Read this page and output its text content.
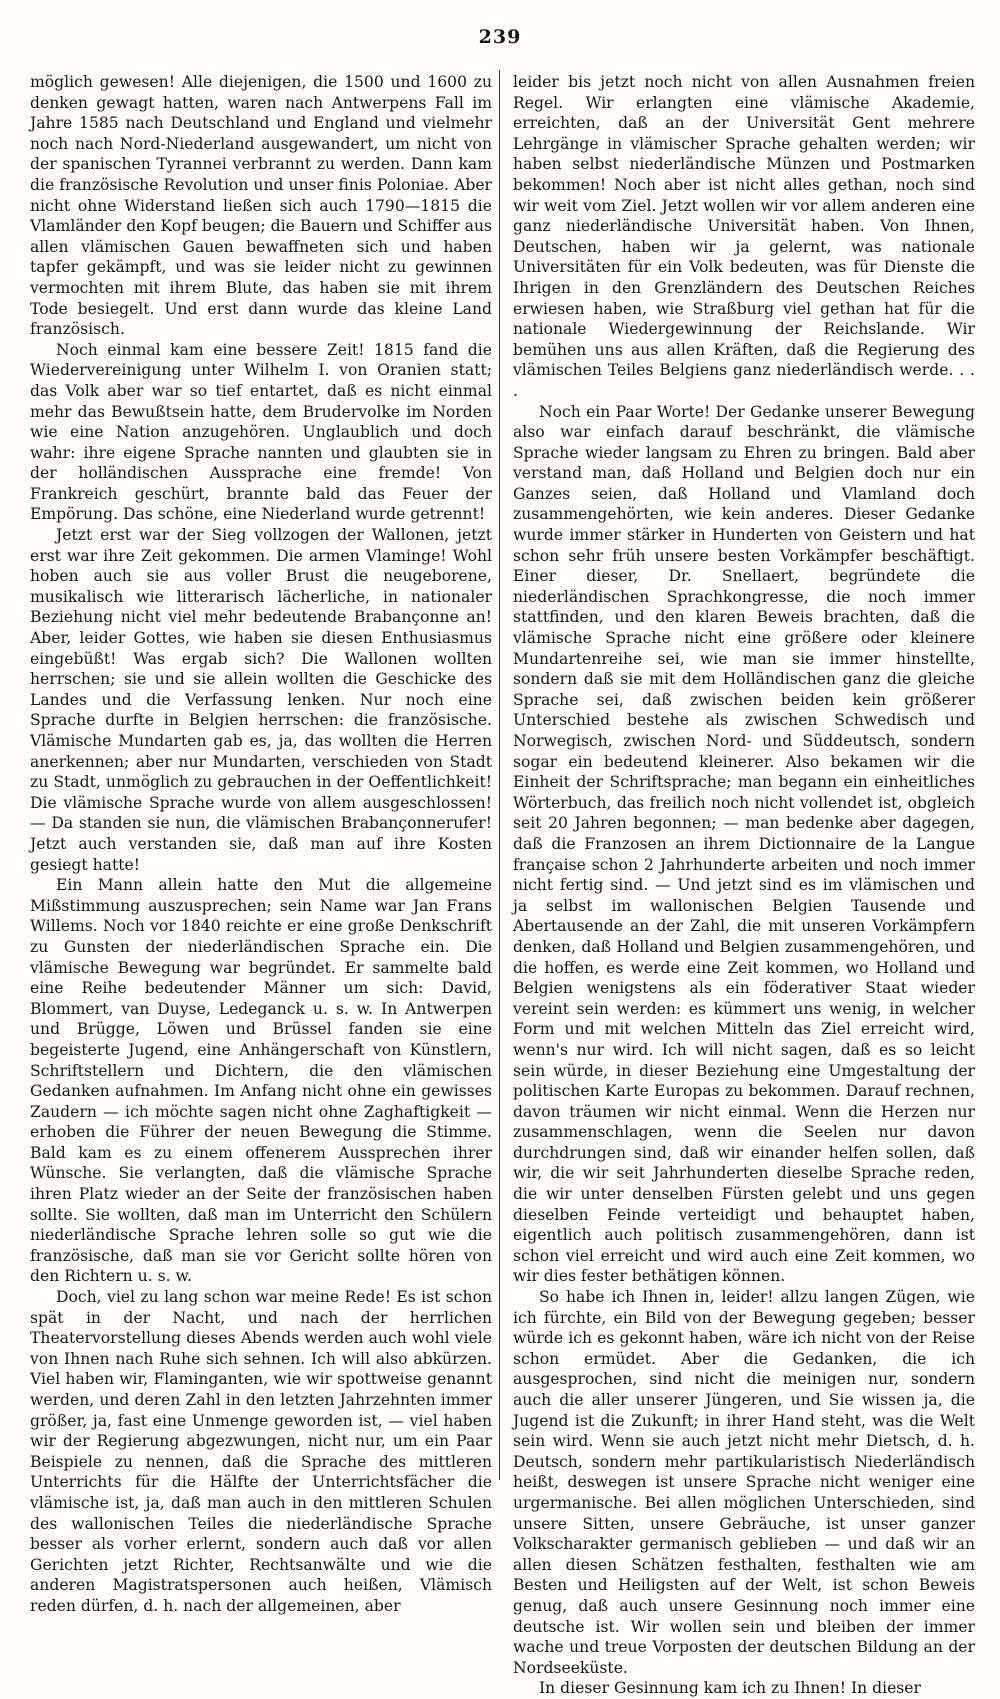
239

möglich gewesen! Alle diejenigen, die 1500 und 1600 zu denken gewagt hatten, waren nach Antwerpens Fall im Jahre 1585 nach Deutschland und England und vielmehr noch nach Nord-Niederland ausgewandert, um nicht von der spanischen Tyrannei verbrannt zu werden. Dann kam die französische Revolution und unser finis Poloniae. Aber nicht ohne Widerstand ließen sich auch 1790—1815 die Vlamländer den Kopf beugen; die Bauern und Schiffer aus allen vlämischen Gauen bewaffneten sich und haben tapfer gekämpft, und was sie leider nicht zu gewinnen vermochten mit ihrem Blute, das haben sie mit ihrem Tode besiegelt. Und erst dann wurde das kleine Land französisch.

Noch einmal kam eine bessere Zeit! 1815 fand die Wiedervereinigung unter Wilhelm I. von Oranien statt; das Volk aber war so tief entartet, daß es nicht einmal mehr das Bewußtsein hatte, dem Brudervolke im Norden wie eine Nation anzugehören. Unglaublich und doch wahr: ihre eigene Sprache nannten und glaubten sie in der holländischen Aussprache eine fremde! Von Frankreich geschürt, brannte bald das Feuer der Empörung. Das schöne, eine Niederland wurde getrennt!

Jetzt erst war der Sieg vollzogen der Wallonen, jetzt erst war ihre Zeit gekommen. Die armen Vlaminge! Wohl hoben auch sie aus voller Brust die neugeborene, musikalisch wie litterarisch lächerliche, in nationaler Beziehung nicht viel mehr bedeutende Brabançonne an! Aber, leider Gottes, wie haben sie diesen Enthusiasmus eingebüßt! Was ergab sich? Die Wallonen wollten herrschen; sie und sie allein wollten die Geschicke des Landes und die Verfassung lenken. Nur noch eine Sprache durfte in Belgien herrschen: die französische. Vlämische Mundarten gab es, ja, das wollten die Herren anerkennen; aber nur Mundarten, verschieden von Stadt zu Stadt, unmöglich zu gebrauchen in der Oeffentlichkeit! Die vlämische Sprache wurde von allem ausgeschlossen! — Da standen sie nun, die vlämischen Brabançonnerufer! Jetzt auch verstanden sie, daß man auf ihre Kosten gesiegt hatte!

Ein Mann allein hatte den Mut die allgemeine Mißstimmung auszusprechen; sein Name war Jan Frans Willems. Noch vor 1840 reichte er eine große Denkschrift zu Gunsten der niederländischen Sprache ein. Die vlämische Bewegung war begründet. Er sammelte bald eine Reihe bedeutender Männer um sich: David, Blommert, van Duyse, Ledeganck u. s. w. In Antwerpen und Brügge, Löwen und Brüssel fanden sie eine begeisterte Jugend, eine Anhängerschaft von Künstlern, Schriftstellern und Dichtern, die den vlämischen Gedanken aufnahmen. Im Anfang nicht ohne ein gewisses Zaudern — ich möchte sagen nicht ohne Zaghaftigkeit — erhoben die Führer der neuen Bewegung die Stimme. Bald kam es zu einem offenerem Aussprechen ihrer Wünsche. Sie verlangten, daß die vlämische Sprache ihren Platz wieder an der Seite der französischen haben sollte. Sie wollten, daß man im Unterricht den Schülern niederländische Sprache lehren solle so gut wie die französische, daß man sie vor Gericht sollte hören von den Richtern u. s. w.

Doch, viel zu lang schon war meine Rede! Es ist schon spät in der Nacht, und nach der herrlichen Theatervorstellung dieses Abends werden auch wohl viele von Ihnen nach Ruhe sich sehnen. Ich will also abkürzen. Viel haben wir, Flaminganten, wie wir spottweise genannt werden, und deren Zahl in den letzten Jahrzehnten immer größer, ja, fast eine Unmenge geworden ist, — viel haben wir der Regierung abgezwungen, nicht nur, um ein Paar Beispiele zu nennen, daß die Sprache des mittleren Unterrichts für die Hälfte der Unterrichtsfächer die vlämische ist, ja, daß man auch in den mittleren Schulen des wallonischen Teiles die niederländische Sprache besser als vorher erlernt, sondern auch daß vor allen Gerichten jetzt Richter, Rechtsanwälte und wie die anderen Magistratspersonen auch heißen, Vlämisch reden dürfen, d. h. nach der allgemeinen, aber

leider bis jetzt noch nicht von allen Ausnahmen freien Regel. Wir erlangten eine vlämische Akademie, erreichten, daß an der Universität Gent mehrere Lehrgänge in vlämischer Sprache gehalten werden; wir haben selbst niederländische Münzen und Postmarken bekommen! Noch aber ist nicht alles gethan, noch sind wir weit vom Ziel. Jetzt wollen wir vor allem anderen eine ganz niederländische Universität haben. Von Ihnen, Deutschen, haben wir ja gelernt, was nationale Universitäten für ein Volk bedeuten, was für Dienste die Ihrigen in den Grenzländern des Deutschen Reiches erwiesen haben, wie Straßburg viel gethan hat für die nationale Wiedergewinnung der Reichslande. Wir bemühen uns aus allen Kräften, daß die Regierung des vlämischen Teiles Belgiens ganz niederländisch werde. . . .

Noch ein Paar Worte! Der Gedanke unserer Bewegung also war einfach darauf beschränkt, die vlämische Sprache wieder langsam zu Ehren zu bringen. Bald aber verstand man, daß Holland und Belgien doch nur ein Ganzes seien, daß Holland und Vlamland doch zusammengehörten, wie kein anderes. Dieser Gedanke wurde immer stärker in Hunderten von Geistern und hat schon sehr früh unsere besten Vorkämpfer beschäftigt. Einer dieser, Dr. Snellaert, begründete die niederländischen Sprachkongresse, die noch immer stattfinden, und den klaren Beweis brachten, daß die vlämische Sprache nicht eine größere oder kleinere Mundartenreihe sei, wie man sie immer hinstellte, sondern daß sie mit dem Holländischen ganz die gleiche Sprache sei, daß zwischen beiden kein größerer Unterschied bestehe als zwischen Schwedisch und Norwegisch, zwischen Nord- und Süddeutsch, sondern sogar ein bedeutend kleinerer. Also bekamen wir die Einheit der Schriftsprache; man begann ein einheitliches Wörterbuch, das freilich noch nicht vollendet ist, obgleich seit 20 Jahren begonnen; — man bedenke aber dagegen, daß die Franzosen an ihrem Dictionnaire de la Langue française schon 2 Jahrhunderte arbeiten und noch immer nicht fertig sind. — Und jetzt sind es im vlämischen und ja selbst im wallonischen Belgien Tausende und Abertausende an der Zahl, die mit unseren Vorkämpfern denken, daß Holland und Belgien zusammengehören, und die hoffen, es werde eine Zeit kommen, wo Holland und Belgien wenigstens als ein föderativer Staat wieder vereint sein werden: es kümmert uns wenig, in welcher Form und mit welchen Mitteln das Ziel erreicht wird, wenn's nur wird. Ich will nicht sagen, daß es so leicht sein würde, in dieser Beziehung eine Umgestaltung der politischen Karte Europas zu bekommen. Darauf rechnen, davon träumen wir nicht einmal. Wenn die Herzen nur zusammenschlagen, wenn die Seelen nur davon durchdrungen sind, daß wir einander helfen sollen, daß wir, die wir seit Jahrhunderten dieselbe Sprache reden, die wir unter denselben Fürsten gelebt und uns gegen dieselben Feinde verteidigt und behauptet haben, eigentlich auch politisch zusammengehören, dann ist schon viel erreicht und wird auch eine Zeit kommen, wo wir dies fester bethätigen können.

So habe ich Ihnen in, leider! allzu langen Zügen, wie ich fürchte, ein Bild von der Bewegung gegeben; besser würde ich es gekonnt haben, wäre ich nicht von der Reise schon ermüdet. Aber die Gedanken, die ich ausgesprochen, sind nicht die meinigen nur, sondern auch die aller unserer Jüngeren, und Sie wissen ja, die Jugend ist die Zukunft; in ihrer Hand steht, was die Welt sein wird. Wenn sie auch jetzt nicht mehr Dietsch, d. h. Deutsch, sondern mehr partikularistisch Niederländisch heißt, deswegen ist unsere Sprache nicht weniger eine urgermanische. Bei allen möglichen Unterschieden, sind unsere Sitten, unsere Gebräuche, ist unser ganzer Volkscharakter germanisch geblieben — und daß wir an allen diesen Schätzen festhalten, festhalten wie am Besten und Heiligsten auf der Welt, ist schon Beweis genug, daß auch unsere Gesinnung noch immer eine deutsche ist. Wir wollen sein und bleiben der immer wache und treue Vorposten der deutschen Bildung an der Nordseeküste.

In dieser Gesinnung kam ich zu Ihnen! In dieser
